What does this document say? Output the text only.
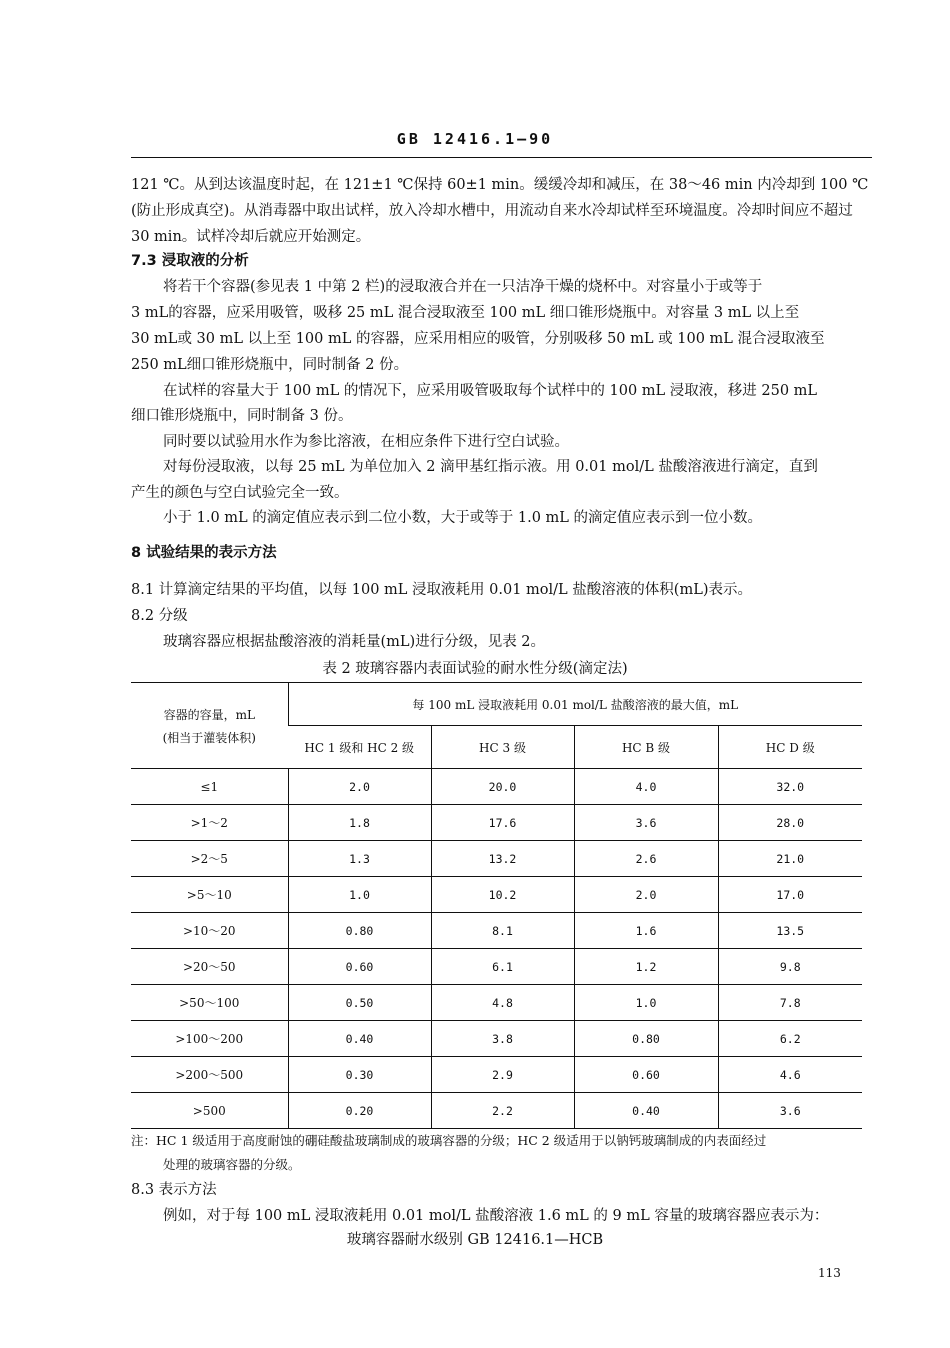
GB 12416.1—90
121 ℃。从到达该温度时起，在 121±1 ℃保持 60±1 min。缓缓冷却和减压，在 38～46 min 内冷却到 100 ℃(防止形成真空)。从消毒器中取出试样，放入冷却水槽中，用流动自来水冷却试样至环境温度。冷却时间应不超过 30 min。试样冷却后就应开始测定。
7.3 浸取液的分析
将若干个容器(参见表 1 中第 2 栏)的浸取液合并在一只洁净干燥的烧杯中。对容量小于或等于
3 mL的容器，应采用吸管，吸移 25 mL 混合浸取液至 100 mL 细口锥形烧瓶中。对容量 3 mL 以上至
30 mL或 30 mL 以上至 100 mL 的容器，应采用相应的吸管，分别吸移 50 mL 或 100 mL 混合浸取液至
250 mL细口锥形烧瓶中，同时制备 2 份。
在试样的容量大于 100 mL 的情况下，应采用吸管吸取每个试样中的 100 mL 浸取液，移进 250 mL
细口锥形烧瓶中，同时制备 3 份。
同时要以试验用水作为参比溶液，在相应条件下进行空白试验。
对每份浸取液，以每 25 mL 为单位加入 2 滴甲基红指示液。用 0.01 mol/L 盐酸溶液进行滴定，直到
产生的颜色与空白试验完全一致。
小于 1.0 mL 的滴定值应表示到二位小数，大于或等于 1.0 mL 的滴定值应表示到一位小数。
8 试验结果的表示方法
8.1 计算滴定结果的平均值，以每 100 mL 浸取液耗用 0.01 mol/L 盐酸溶液的体积(mL)表示。
8.2 分级
玻璃容器应根据盐酸溶液的消耗量(mL)进行分级，见表 2。
表 2 玻璃容器内表面试验的耐水性分级(滴定法)
容器的容量，mL
(相当于灌装体积)	每 100 mL 浸取液耗用 0.01 mol/L 盐酸溶液的最大值，mL			
	HC 1 级和 HC 2 级	HC 3 级	HC B 级	HC D 级
≤1	2.0	20.0	4.0	32.0
>1～2	1.8	17.6	3.6	28.0
>2～5	1.3	13.2	2.6	21.0
>5～10	1.0	10.2	2.0	17.0
>10～20	0.80	8.1	1.6	13.5
>20～50	0.60	6.1	1.2	9.8
>50～100	0.50	4.8	1.0	7.8
>100～200	0.40	3.8	0.80	6.2
>200～500	0.30	2.9	0.60	4.6
>500	0.20	2.2	0.40	3.6
注：HC 1 级适用于高度耐蚀的硼硅酸盐玻璃制成的玻璃容器的分级；HC 2 级适用于以钠钙玻璃制成的内表面经过
处理的玻璃容器的分级。
8.3 表示方法
例如，对于每 100 mL 浸取液耗用 0.01 mol/L 盐酸溶液 1.6 mL 的 9 mL 容量的玻璃容器应表示为：
玻璃容器耐水级别 GB 12416.1—HCB
113
